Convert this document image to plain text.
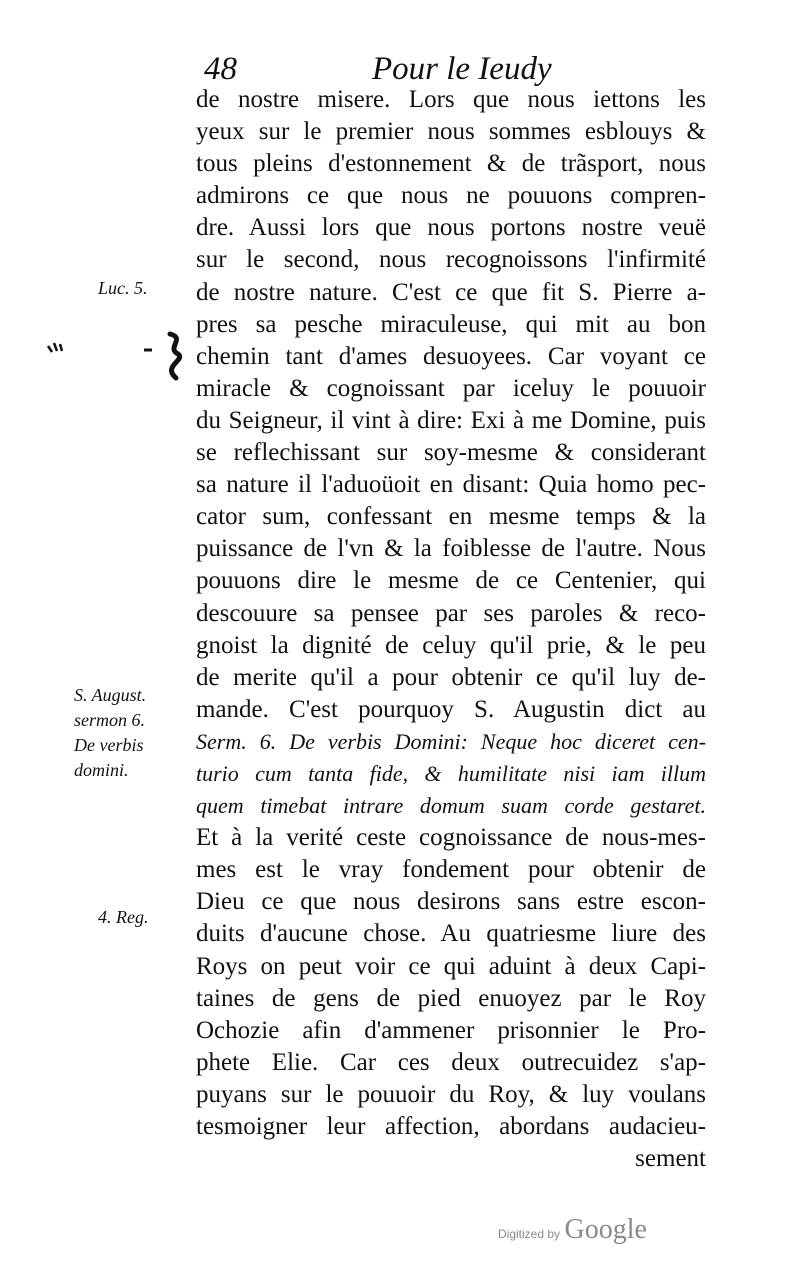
48	Pour le Ieudy
de nostre misere. Lors que nous iettons les
yeux sur le premier nous sommes esblouys &
tous pleins d'estonnement & de trãsport, nous
admirons ce que nous ne pouuons compren-
dre. Aussi lors que nous portons nostre veuë
sur le second, nous recognoissons l'infirmité
de nostre nature. C'est ce que fit S. Pierre a-
pres sa pesche miraculeuse, qui mit au bon
chemin tant d'ames desuoyees. Car voyant ce
miracle & cognoissant par iceluy le pouuoir
du Seigneur, il vint à dire: Exi à me Domine, puis
se reflechissant sur soy-mesme & considerant
sa nature il l'aduoüoit en disant: Quia homo pec-
cator sum, confessant en mesme temps & la
puissance de l'vn & la foiblesse de l'autre. Nous
pouuons dire le mesme de ce Centenier, qui
descouure sa pensee par ses paroles & reco-
gnoist la dignité de celuy qu'il prie, & le peu
de merite qu'il a pour obtenir ce qu'il luy de-
mande. C'est pourquoy S. Augustin dict au
Serm. 6. De verbis Domini: Neque hoc diceret cen-
turio cum tanta fide, & humilitate nisi iam illum
quem timebat intrare domum suam corde gestaret.
Et à la verité ceste cognoissance de nous-mes-
mes est le vray fondement pour obtenir de
Dieu ce que nous desirons sans estre escon-
duits d'aucune chose. Au quatriesme liure des
Roys on peut voir ce qui aduint à deux Capi-
taines de gens de pied enuoyez par le Roy
Ochozie afin d'ammener prisonnier le Pro-
phete Elie. Car ces deux outrecuidez s'ap-
puyans sur le pouuoir du Roy, & luy voulans
tesmoigner leur affection, abordans audacieu-
sement
Luc. 5.
S. August.
sermon 6.
De verbis
domini.
4. Reg.
Digitized by Google
